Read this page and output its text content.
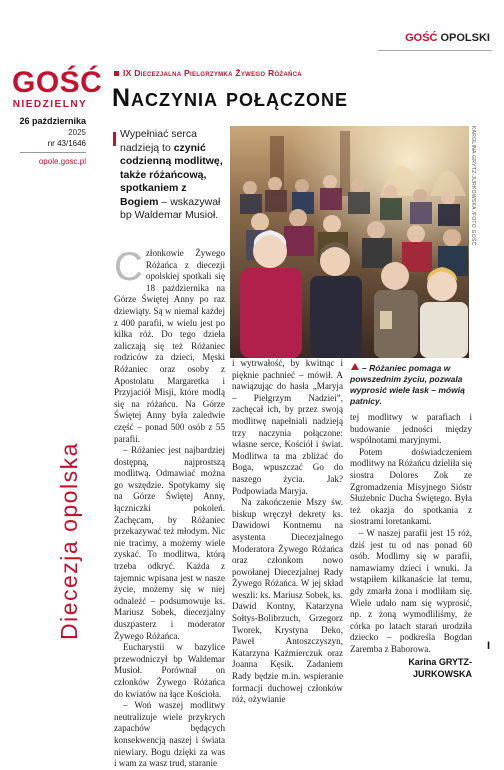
GOŚĆ
NIEDZIELNY
26 października
2025
nr 43/1646
opole.gosc.pl
Diecezja opolska
GOŚĆ OPOLSKI
IX Diecezjalna Pielgrzymka Żywego Różańca
Naczynia połączone
Wypełniać serca nadzieją to czynić codzienną modlitwę, także różańcową, spotkaniem z Bogiem – wskazywał bp Waldemar Musioł.	KAROLINA GRYTZ-JURKOWSKA /FOTO GOŚĆ
– Różaniec pomaga w powszednim życiu, pozwala wyprosić wiele łask – mówią patnicy.

Członkowie Żywego Różańca z diecezji opolskiej spotkali się 18 października na Górze Świętej Anny po raz dziewiąty. Są w niemal każdej z 400 parafii, w wielu jest po kilka róż. Do tego dzieła zaliczają się też Różaniec rodziców za dzieci, Męski Różaniec oraz osoby z Apostolatu Margaretka i Przyjaciół Misji, które modlą się na różańcu. Na Górze Świętej Anny była zaledwie część – ponad 500 osób z 55 parafii.

– Różaniec jest najbardziej dostępną, najprostszą modlitwą. Odmawiać można go wszędzie. Spotykamy się na Górze Świętej Anny, łączniczki pokoleń. Zachęcam, by Różaniec przekazywać też młodym. Nic nie tracimy, a możemy wiele zyskać. To modlitwa, którą trzeba odkryć. Każda z tajemnic wpisana jest w nasze życie, możemy się w niej odnaleźć – podsumowuje ks. Mariusz Sobek, diecezjalny duszpasterz i moderator Żywego Różańca.

Eucharystii w bazylice przewodniczył bp Waldemar Musioł. Porównał on członków Żywego Różańca do kwiatów na łące Kościoła.

– Woń waszej modlitwy neutralizuje wiele przykrych zapachów będących konsekwencją naszej i świata niewiary. Bogu dzięki za was i wam za wasz trud, staranie

i wytrwałość, by kwitnąc i pięknie pachnieć – mówił. A nawiązując do hasła „Maryja – Pielgrzym Nadziei”, zachęcał ich, by przez swoją modlitwę napełniali nadzieją trzy naczynia połączone: własne serce, Kościół i świat. Modlitwa ta ma zbliżać do Boga, wpuszczać Go do naszego życia. Jak? Podpowiada Maryja.

Na zakończenie Mszy św. biskup wręczył dekrety ks. Dawidowi Kontnemu na asystenta Diecezjalnego Moderatora Żywego Różańca oraz członkom nowo powołanej Diecezjalnej Rady Żywego Różańca. W jej skład weszli: ks. Mariusz Sobek, ks. Dawid Kontny, Katarzyna Sołtys-Bolibrzuch, Grzegorz Tworek, Krystyna Deko, Paweł Antoszczyszyn, Katarzyna Kaźmierczuk oraz Joanna Kęsik. Zadaniem Rady będzie m.in. wspieranie formacji duchowej członków róż, ożywianie

tej modlitwy w parafiach i budowanie jedności między wspólnotami maryjnymi.

Potem doświadczeniem modlitwy na Różańcu dzieliła się siostra Dolores Zok ze Zgromadzenia Misyjnego Sióstr Służebnic Ducha Świętego. Była też okazja do spotkania z siostrami loretankami.

– W naszej parafii jest 15 róż, dziś jest tu od nas ponad 60 osób. Modlimy się w parafii, namawiamy dzieci i wnuki. Ja wstąpiłem kilkanaście lat temu, gdy zmarła żona i modliłam się. Wiele udało nam się wyprosić, np. z żoną wymodliliśmy, że córka po latach starań urodziła dziecko – podkreśla Bogdan Zaremba z Baborowa.

Karina GRYTZ-JURKOWSKA
I
